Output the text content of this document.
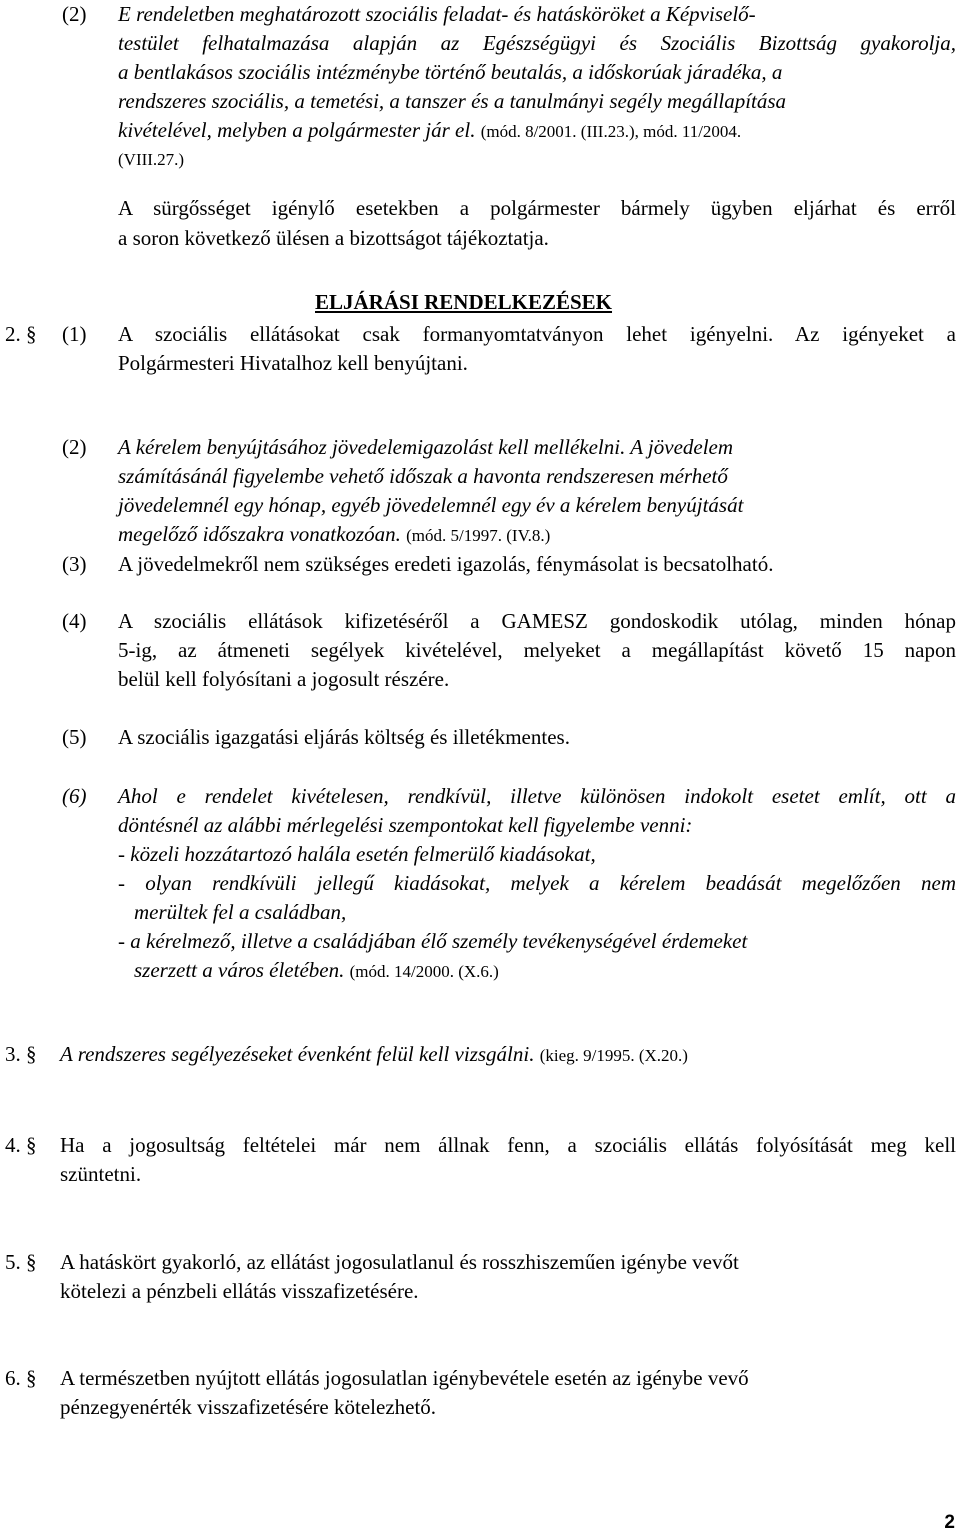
(2) E rendeletben meghatározott szociális feladat- és hatásköröket a Képviselő-
testület felhatalmazása alapján az Egészségügyi és Szociális Bizottság gyakorolja,
a bentlakásos szociális intézménybe történő beutalás, a időskorúak járadéka, a
rendszeres szociális, a temetési, a tanszer és a tanulmányi segély megállapítása
kivételével, melyben a polgármester jár el. (mód. 8/2001. (III.23.), mód. 11/2004.
(VIII.27.)
A sürgősséget igénylő esetekben a polgármester bármely ügyben eljárhat és erről
a soron következő ülésen a bizottságot tájékoztatja.
ELJÁRÁSI RENDELKEZÉSEK
2. § (1) A szociális ellátásokat csak formanyomtatványon lehet igényelni. Az igényeket a
Polgármesteri Hivatalhoz kell benyújtani.
(2) A kérelem benyújtásához jövedelemigazolást kell mellékelni. A jövedelem
számításánál figyelembe vehető időszak a havonta rendszeresen mérhető
jövedelemnél egy hónap, egyéb jövedelemnél egy év a kérelem benyújtását
megelőző időszakra vonatkozóan. (mód. 5/1997. (IV.8.)
(3) A jövedelmekről nem szükséges eredeti igazolás, fénymásolat is becsatolható.
(4) A szociális ellátások kifizetéséről a GAMESZ gondoskodik utólag, minden hónap
5-ig, az átmeneti segélyek kivételével, melyeket a megállapítást követő 15 napon
belül kell folyósítani a jogosult részére.
(5) A szociális igazgatási eljárás költség és illetékmentes.
(6) Ahol e rendelet kivételesen, rendkívül, illetve különösen indokolt esetet említ, ott a
döntésnél az alábbi mérlegelési szempontokat kell figyelembe venni:
- közeli hozzátartozó halála esetén felmerülő kiadásokat,
- olyan rendkívüli jellegű kiadásokat, melyek a kérelem beadását megelőzően nem
merültek fel a családban,
- a kérelmező, illetve a családjában élő személy tevékenységével érdemeket
szerzett a város életében. (mód. 14/2000. (X.6.)
3. § A rendszeres segélyezéseket évenként felül kell vizsgálni. (kieg. 9/1995. (X.20.)
4. § Ha a jogosultság feltételei már nem állnak fenn, a szociális ellátás folyósítását meg kell
szüntetni.
5. § A hatáskört gyakorló, az ellátást jogosulatlanul és rosszhiszeműen igénybe vevőt
kötelezi a pénzbeli ellátás visszafizetésére.
6. § A természetben nyújtott ellátás jogosulatlan igénybevétele esetén az igénybe vevő
pénzegyenérték visszafizetésére kötelezhető.
2
